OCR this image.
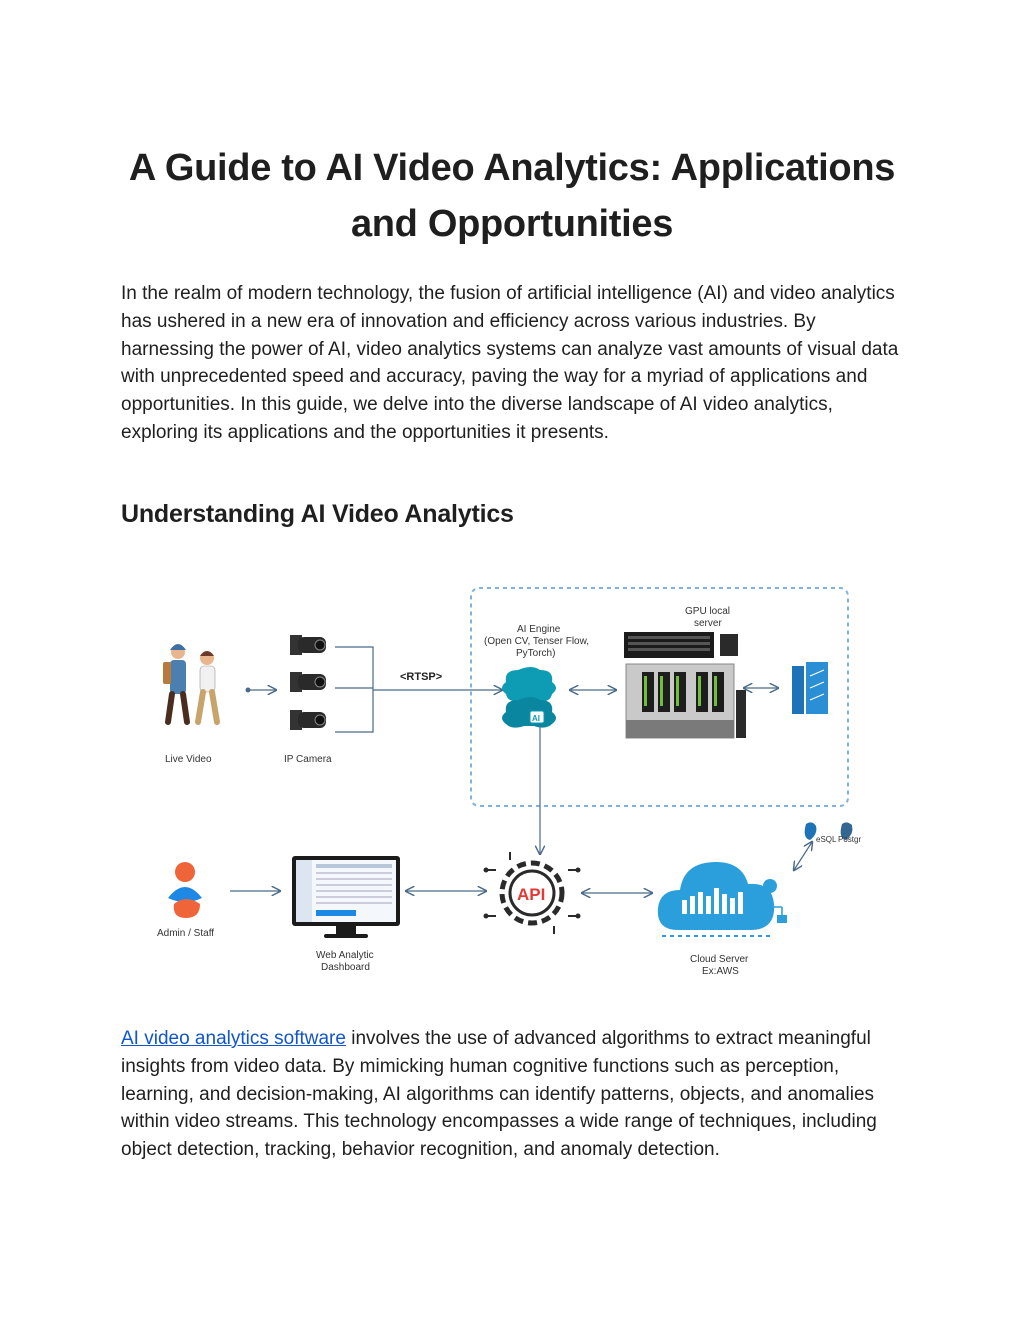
A Guide to AI Video Analytics: Applications and Opportunities

In the realm of modern technology, the fusion of artificial intelligence (AI) and video analytics has ushered in a new era of innovation and efficiency across various industries. By harnessing the power of AI, video analytics systems can analyze vast amounts of visual data with unprecedented speed and accuracy, paving the way for a myriad of applications and opportunities. In this guide, we delve into the diverse landscape of AI video analytics, exploring its applications and the opportunities it presents.

Understanding AI Video Analytics
Live Video	IP Camera
<RTSP>
AI Engine
(Open CV, Tenser Flow,
PyTorch)
AI
GPU local
server
Admin / Staff
Web Analytic
Dashboard
API
Cloud Server
Ex:AWS
eSQL Postgr

AI video analytics software involves the use of advanced algorithms to extract meaningful insights from video data. By mimicking human cognitive functions such as perception, learning, and decision-making, AI algorithms can identify patterns, objects, and anomalies within video streams. This technology encompasses a wide range of techniques, including object detection, tracking, behavior recognition, and anomaly detection.
